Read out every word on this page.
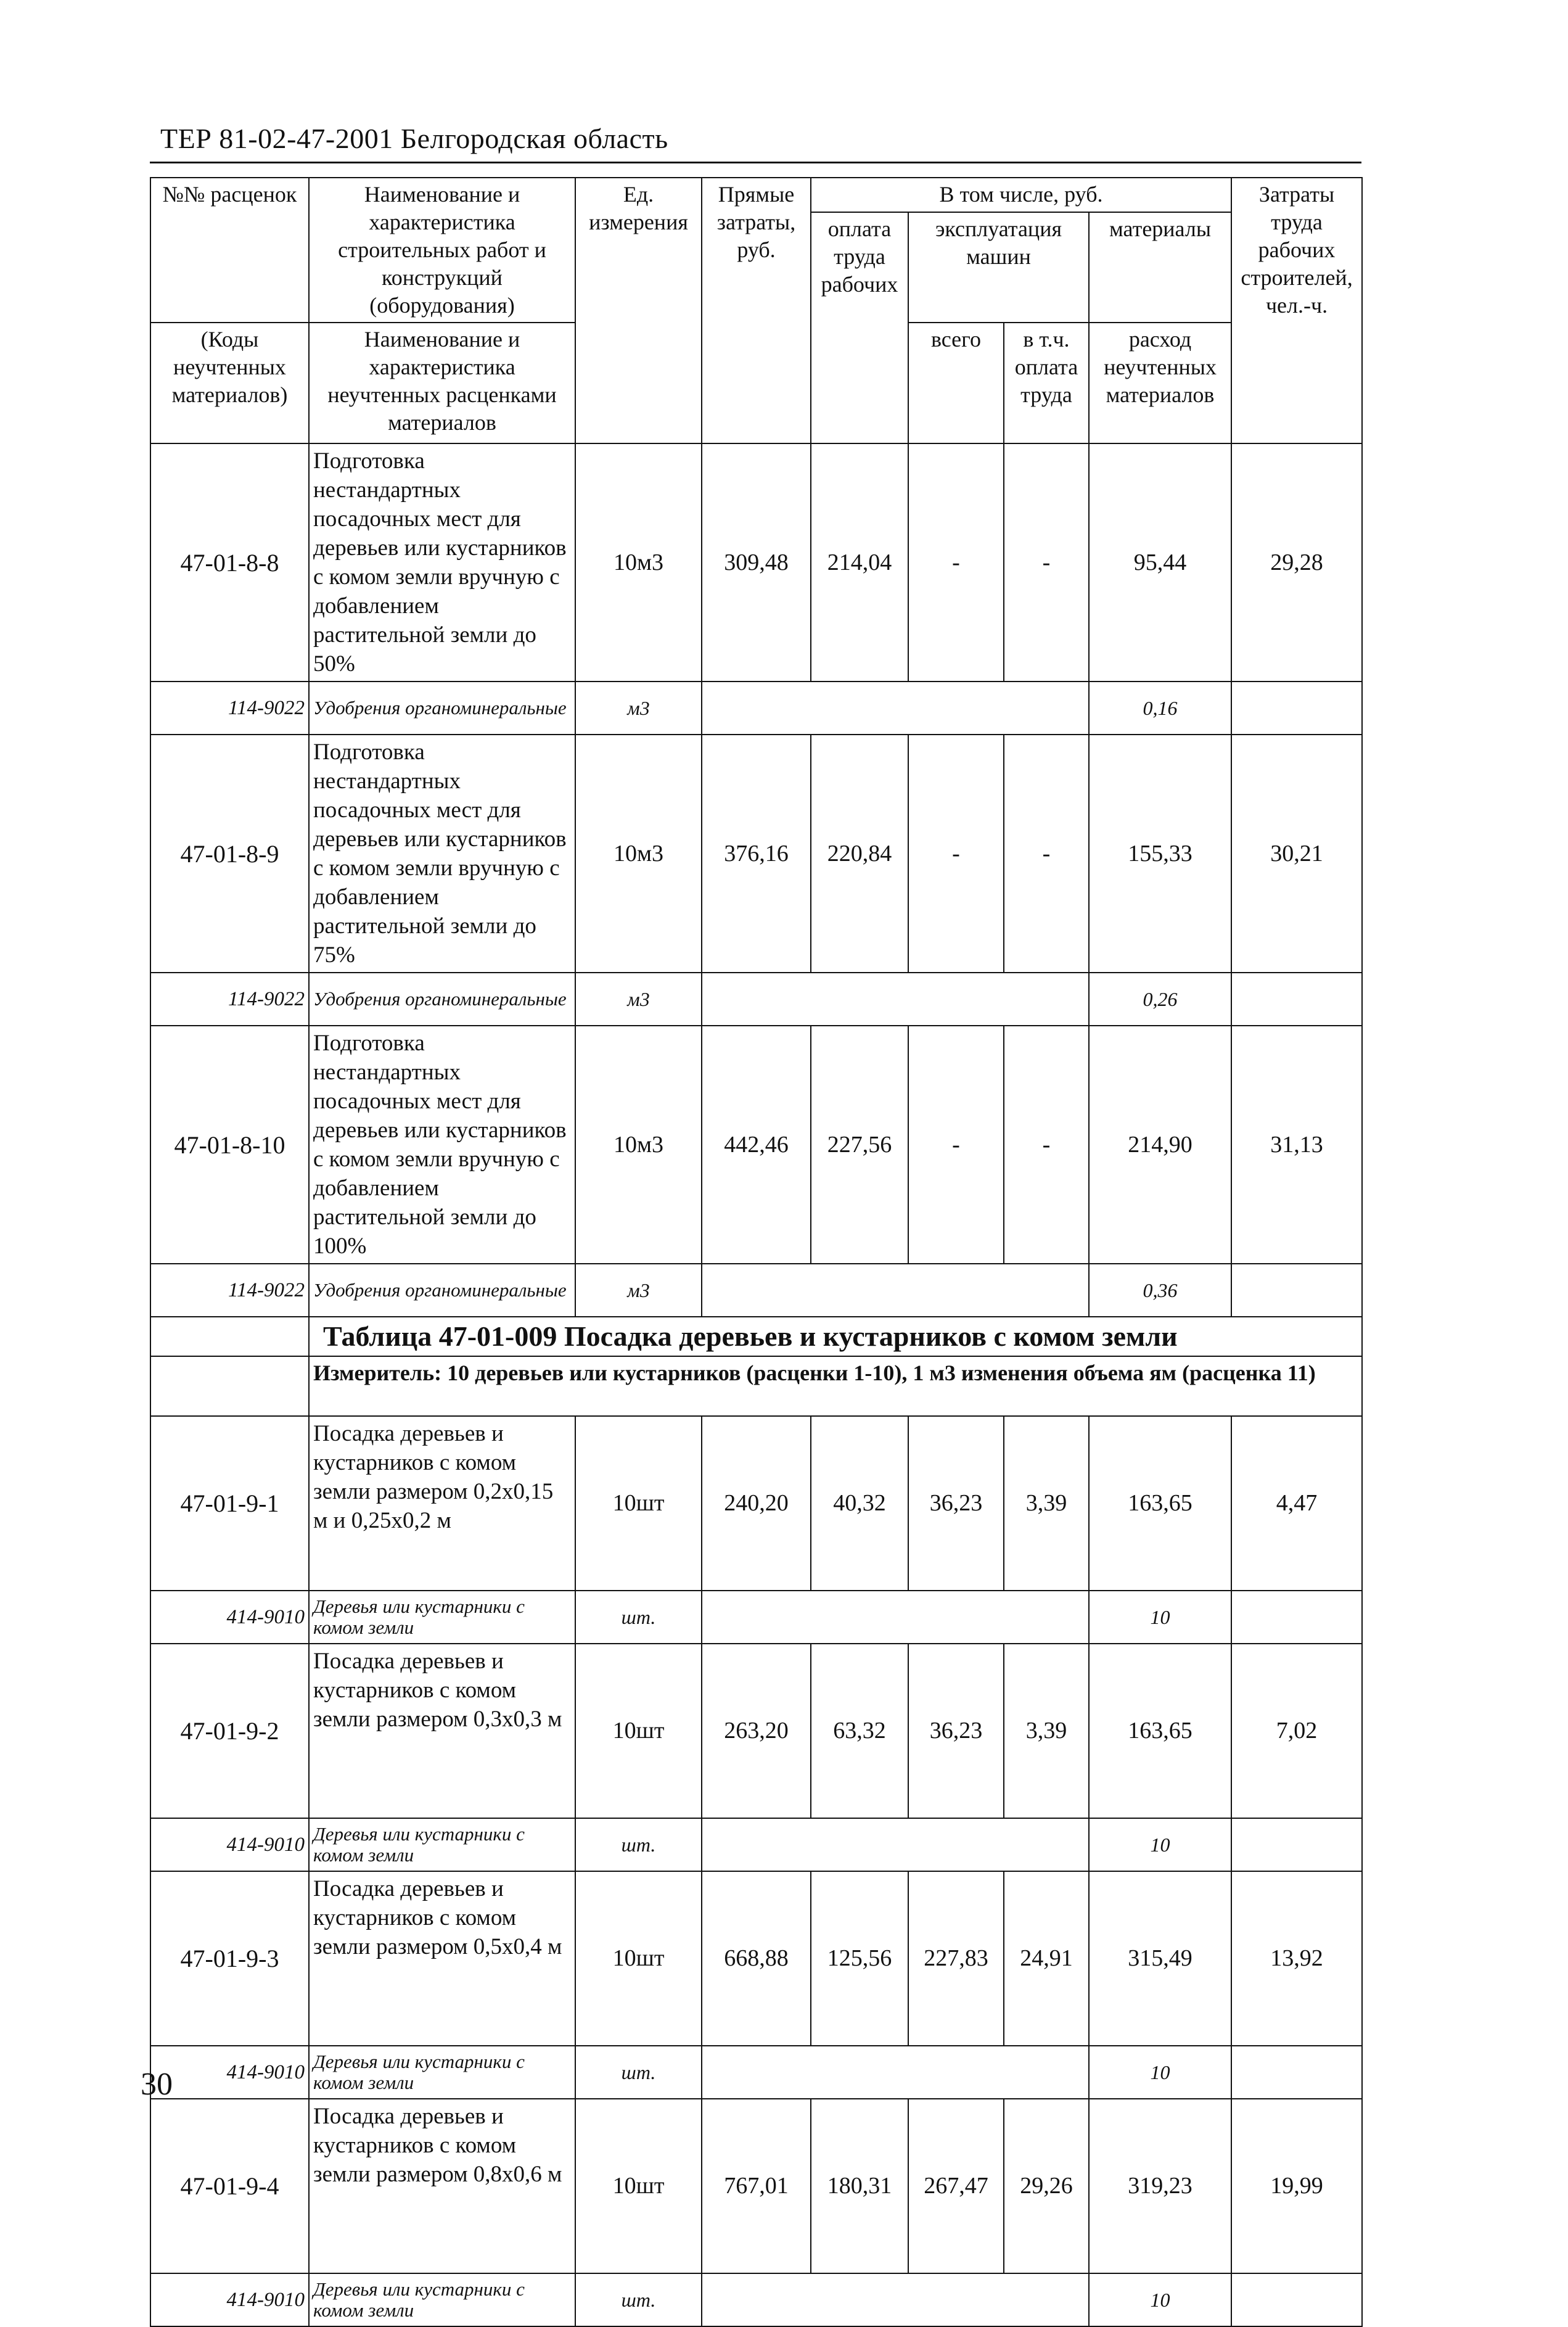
ТЕР 81-02-47-2001 Белгородская область
№№ расценок	Наименование и характеристика строительных работ и конструкций (оборудования)	Ед. измерения	Прямые затраты, руб.	В том числе, руб.				Затраты труда рабочих строителей, чел.-ч.
				оплата труда рабочих	эксплуатация машин		материалы	

(Коды неучтенных материалов)	Наименование и характеристика неучтенных расценками материалов				всего	в т.ч. оплата труда	расход неучтенных материалов	
47-01-8-8	Подготовка нестандартных посадочных мест для деревьев или кустарников с комом земли вручную с добавлением растительной земли до 50%	10м3	309,48	214,04	-	-	95,44	29,28
114-9022	Удобрения органоминеральные	м3					0,16	
47-01-8-9	Подготовка нестандартных посадочных мест для деревьев или кустарников с комом земли вручную с добавлением растительной земли до 75%	10м3	376,16	220,84	-	-	155,33	30,21
114-9022	Удобрения органоминеральные	м3					0,26	
47-01-8-10	Подготовка нестандартных посадочных мест для деревьев или кустарников с комом земли вручную с добавлением растительной земли до 100%	10м3	442,46	227,56	-	-	214,90	31,13
114-9022	Удобрения органоминеральные	м3					0,36	
	Таблица 47-01-009 Посадка деревьев и кустарников с комом земли							
	Измеритель: 10 деревьев или кустарников (расценки 1-10), 1 м3 изменения объема ям (расценка 11)							
47-01-9-1	Посадка деревьев и кустарников с комом земли размером 0,2х0,15 м и 0,25х0,2 м	10шт	240,20	40,32	36,23	3,39	163,65	4,47
414-9010	Деревья или кустарники с комом земли	шт.					10	
47-01-9-2	Посадка деревьев и кустарников с комом земли размером 0,3х0,3 м	10шт	263,20	63,32	36,23	3,39	163,65	7,02
414-9010	Деревья или кустарники с комом земли	шт.					10	
47-01-9-3	Посадка деревьев и кустарников с комом земли размером 0,5х0,4 м	10шт	668,88	125,56	227,83	24,91	315,49	13,92
414-9010	Деревья или кустарники с комом земли	шт.					10	
47-01-9-4	Посадка деревьев и кустарников с комом земли размером 0,8х0,6 м	10шт	767,01	180,31	267,47	29,26	319,23	19,99
414-9010	Деревья или кустарники с комом земли	шт.					10	
30
